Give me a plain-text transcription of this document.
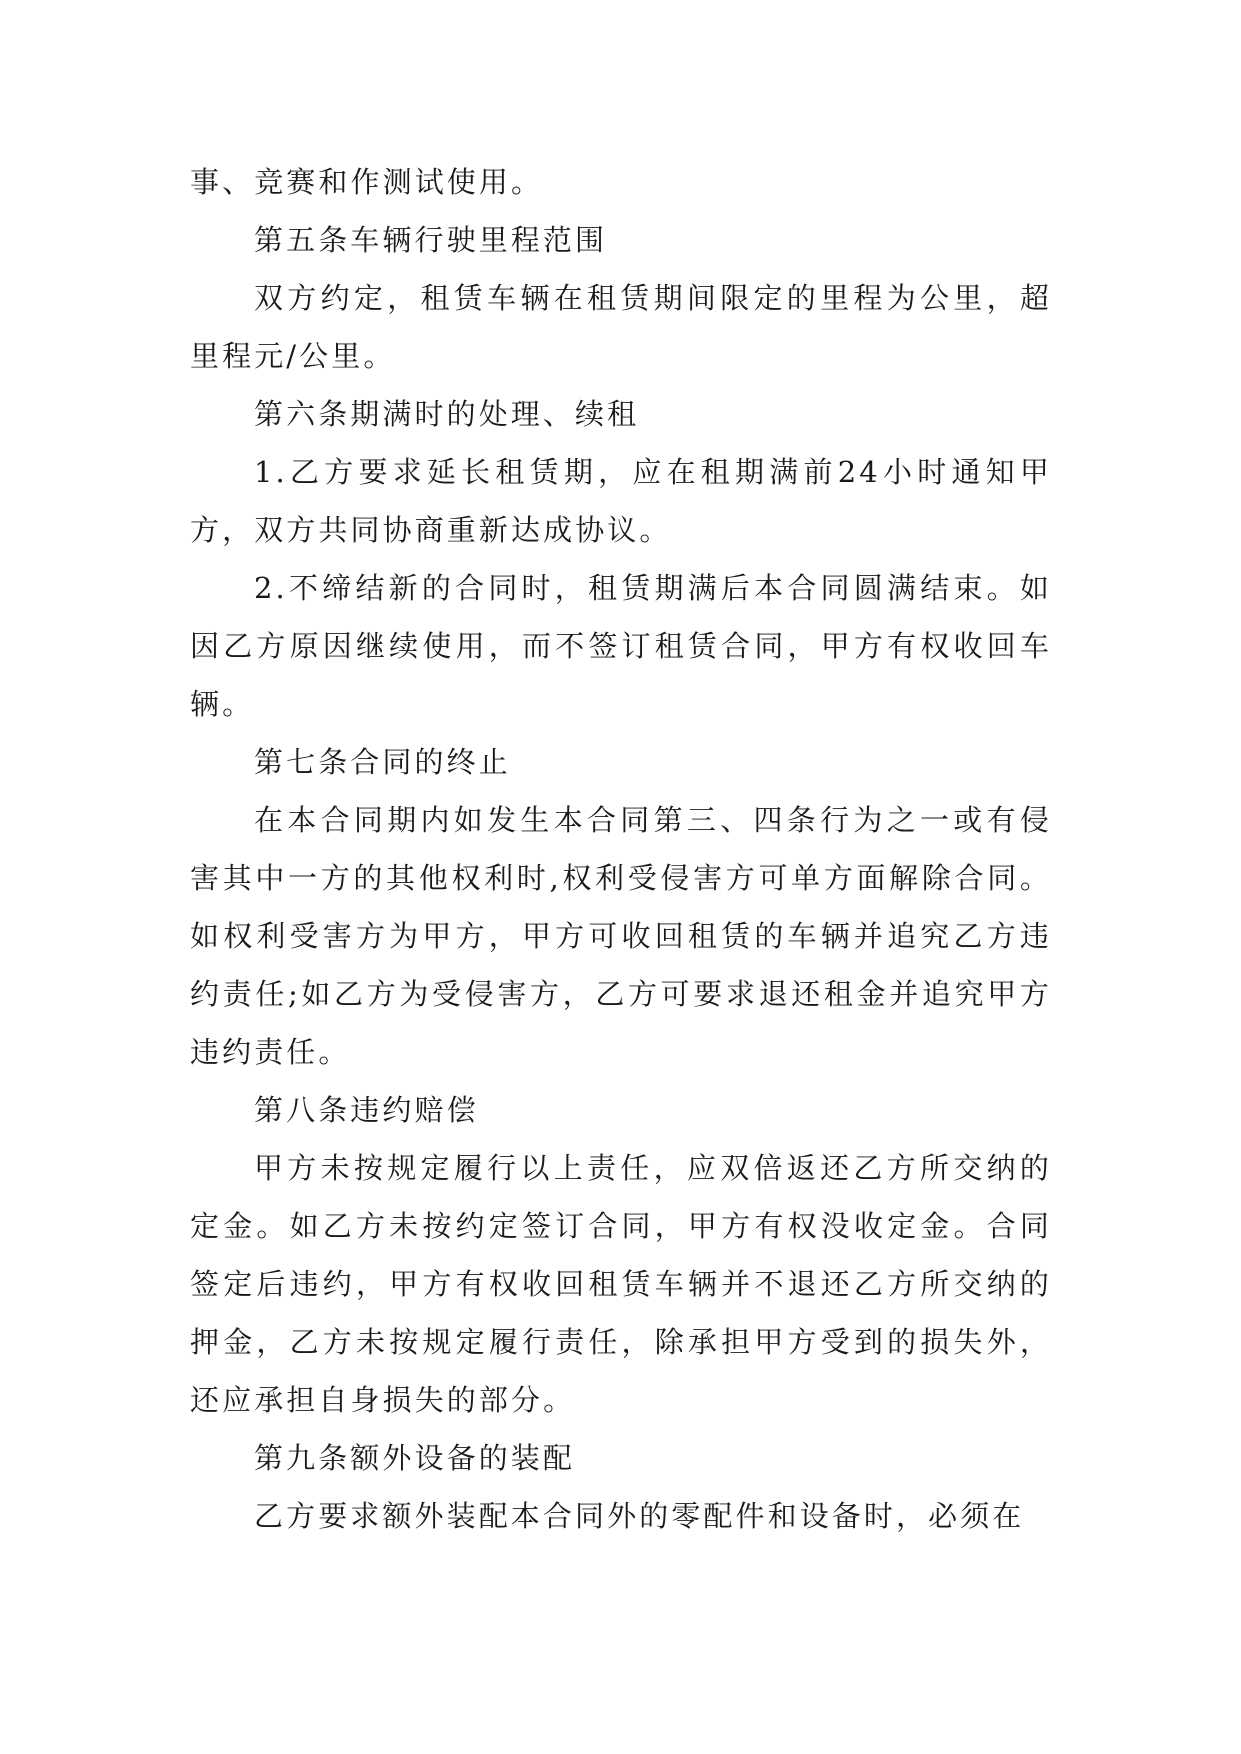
事、竞赛和作测试使用。

第五条车辆行驶里程范围

双方约定，租赁车辆在租赁期间限定的里程为公里，超里程元/公里。

第六条期满时的处理、续租

1.乙方要求延长租赁期，应在租期满前24小时通知甲方，双方共同协商重新达成协议。

2.不缔结新的合同时，租赁期满后本合同圆满结束。如因乙方原因继续使用，而不签订租赁合同，甲方有权收回车辆。

第七条合同的终止

在本合同期内如发生本合同第三、四条行为之一或有侵害其中一方的其他权利时,权利受侵害方可单方面解除合同。如权利受害方为甲方，甲方可收回租赁的车辆并追究乙方违约责任;如乙方为受侵害方，乙方可要求退还租金并追究甲方违约责任。

第八条违约赔偿

甲方未按规定履行以上责任，应双倍返还乙方所交纳的定金。如乙方未按约定签订合同，甲方有权没收定金。合同签定后违约，甲方有权收回租赁车辆并不退还乙方所交纳的押金，乙方未按规定履行责任，除承担甲方受到的损失外，还应承担自身损失的部分。

第九条额外设备的装配

乙方要求额外装配本合同外的零配件和设备时，必须在
